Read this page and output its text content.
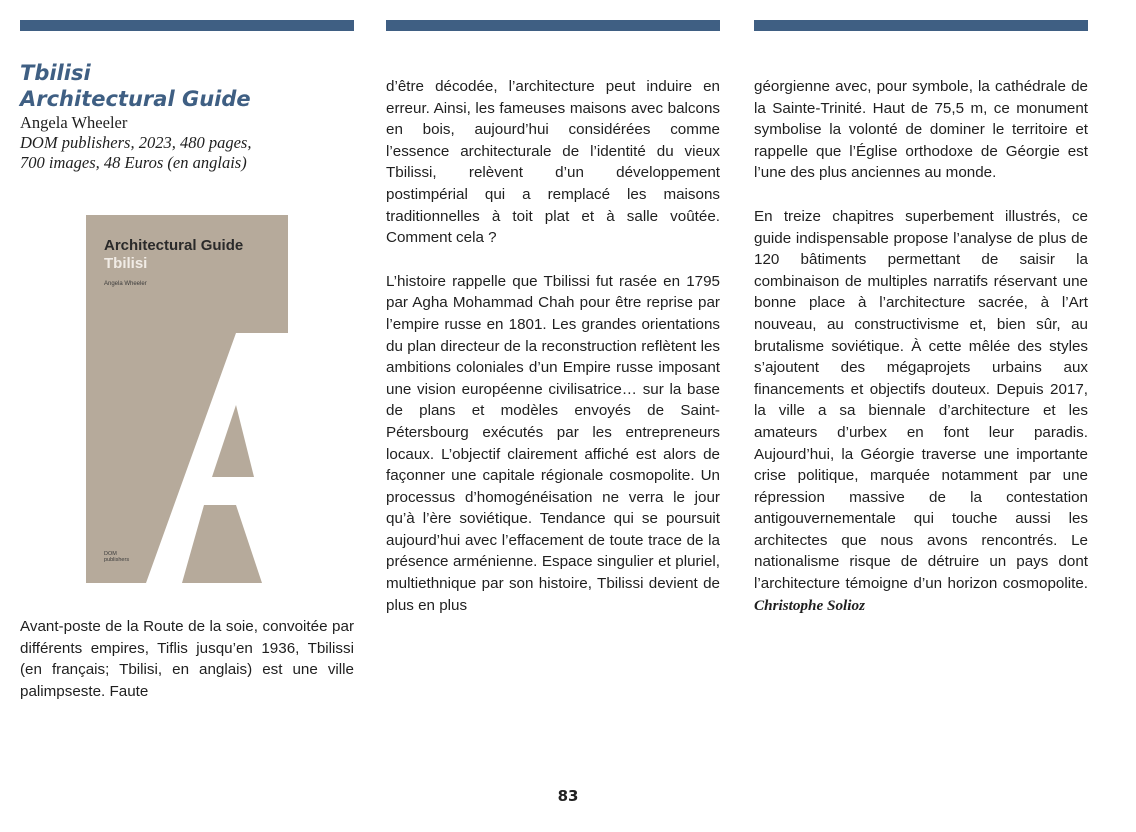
Tbilisi

Architectural Guide

Angela Wheeler

DOM publishers, 2023, 480 pages,

700 images, 48 Euros (en anglais)

Architectural Guide
Tbilisi
Angela Wheeler
DOM
publishers

Avant-poste de la Route de la soie, convoitée par différents empires, Tiflis jusqu’en 1936, Tbilissi (en français; Tbilisi, en anglais) est une ville palimpseste. Faute

d’être décodée, l’architecture peut induire en erreur. Ainsi, les fameuses maisons avec balcons en bois, aujourd’hui considérées comme l’essence architecturale de l’identité du vieux Tbilissi, relèvent d’un développement postimpérial qui a remplacé les maisons traditionnelles à toit plat et à salle voûtée. Comment cela ?

L’histoire rappelle que Tbilissi fut rasée en 1795 par Agha Mohammad Chah pour être reprise par l’empire russe en 1801. Les grandes orientations du plan directeur de la reconstruction reflètent les ambitions coloniales d’un Empire russe imposant une vision européenne civilisatrice… sur la base de plans et modèles envoyés de Saint-Pétersbourg exécutés par les entrepreneurs locaux. L’objectif clairement affiché est alors de façonner une capitale régionale cosmopolite. Un processus d’homogénéisation ne verra le jour qu’à l’ère soviétique. Tendance qui se poursuit aujourd’hui avec l’effacement de toute trace de la présence arménienne. Espace singulier et pluriel, multiethnique par son histoire, Tbilissi devient de plus en plus

géorgienne avec, pour symbole, la cathédrale de la Sainte-Trinité. Haut de 75,5 m, ce monument symbolise la volonté de dominer le territoire et rappelle que l’Église orthodoxe de Géorgie est l’une des plus anciennes au monde.

En treize chapitres superbement illustrés, ce guide indispensable propose l’analyse de plus de 120 bâtiments permettant de saisir la combinaison de multiples narratifs réservant une bonne place à l’architecture sacrée, à l’Art nouveau, au constructivisme et, bien sûr, au brutalisme soviétique. À cette mêlée des styles s’ajoutent des mégaprojets urbains aux financements et objectifs douteux. Depuis 2017, la ville a sa biennale d’architecture et les amateurs d’urbex en font leur paradis. Aujourd’hui, la Géorgie traverse une importante crise politique, marquée notamment par une répression massive de la contestation antigouvernementale qui touche aussi les architectes que nous avons rencontrés. Le nationalisme risque de détruire un pays dont l’architecture témoigne d’un horizon cosmopolite. Christophe Solioz

83
